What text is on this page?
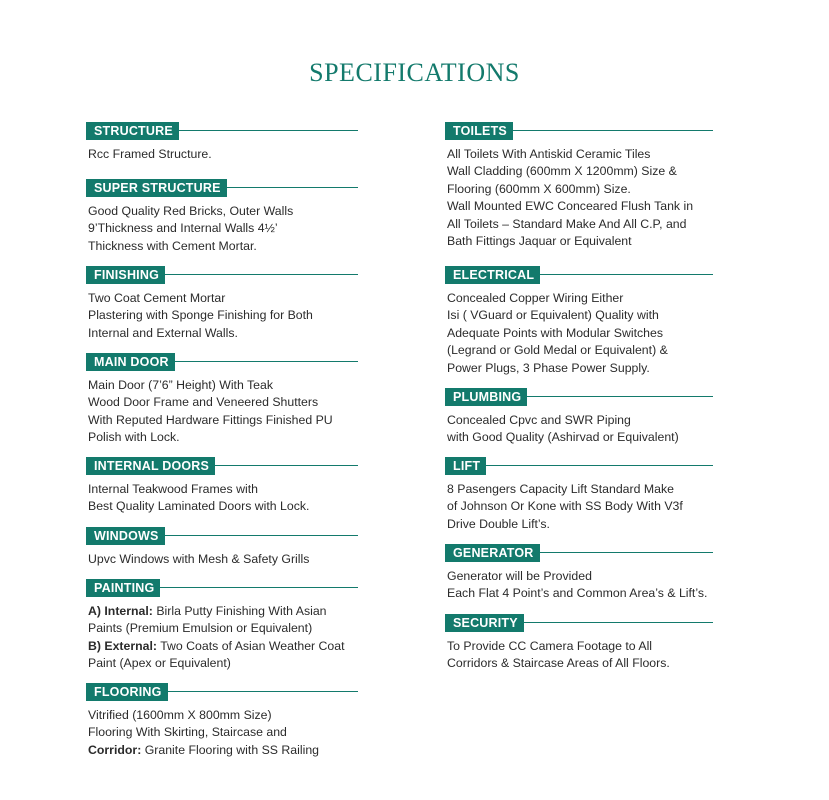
SPECIFICATIONS
STRUCTURE
Rcc Framed Structure.
SUPER STRUCTURE
Good Quality Red Bricks, Outer Walls
9’Thickness and Internal Walls 4½’
Thickness with Cement Mortar.
FINISHING
Two Coat Cement Mortar
Plastering with Sponge Finishing for Both
Internal and External Walls.
MAIN DOOR
Main Door (7’6” Height) With Teak
Wood Door Frame and Veneered Shutters
With Reputed Hardware Fittings Finished PU
Polish with Lock.
INTERNAL DOORS
Internal Teakwood Frames with
Best Quality Laminated Doors with Lock.
WINDOWS
Upvc Windows with Mesh & Safety Grills
PAINTING
A) Internal: Birla Putty Finishing With Asian
Paints (Premium Emulsion or Equivalent)
B) External: Two Coats of Asian Weather Coat
Paint (Apex or Equivalent)
FLOORING
Vitrified (1600mm X 800mm Size)
Flooring With Skirting, Staircase and
Corridor: Granite Flooring with SS Railing
TOILETS
All Toilets With Antiskid Ceramic Tiles
Wall Cladding (600mm X 1200mm) Size &
Flooring (600mm X 600mm) Size.
Wall Mounted EWC Conceared Flush Tank in
All Toilets – Standard Make And All C.P, and
Bath Fittings Jaquar or Equivalent
ELECTRICAL
Concealed Copper Wiring Either
Isi ( VGuard or Equivalent) Quality with
Adequate Points with Modular Switches
(Legrand or Gold Medal or Equivalent) &
Power Plugs, 3 Phase Power Supply.
PLUMBING
Concealed Cpvc and SWR Piping
with Good Quality (Ashirvad or Equivalent)
LIFT
8 Pasengers Capacity Lift Standard Make
of Johnson Or Kone with SS Body With V3f
Drive Double Lift’s.
GENERATOR
Generator will be Provided
Each Flat 4 Point’s and Common Area’s & Lift’s.
SECURITY
To Provide CC Camera Footage to All
Corridors & Staircase Areas of All Floors.
